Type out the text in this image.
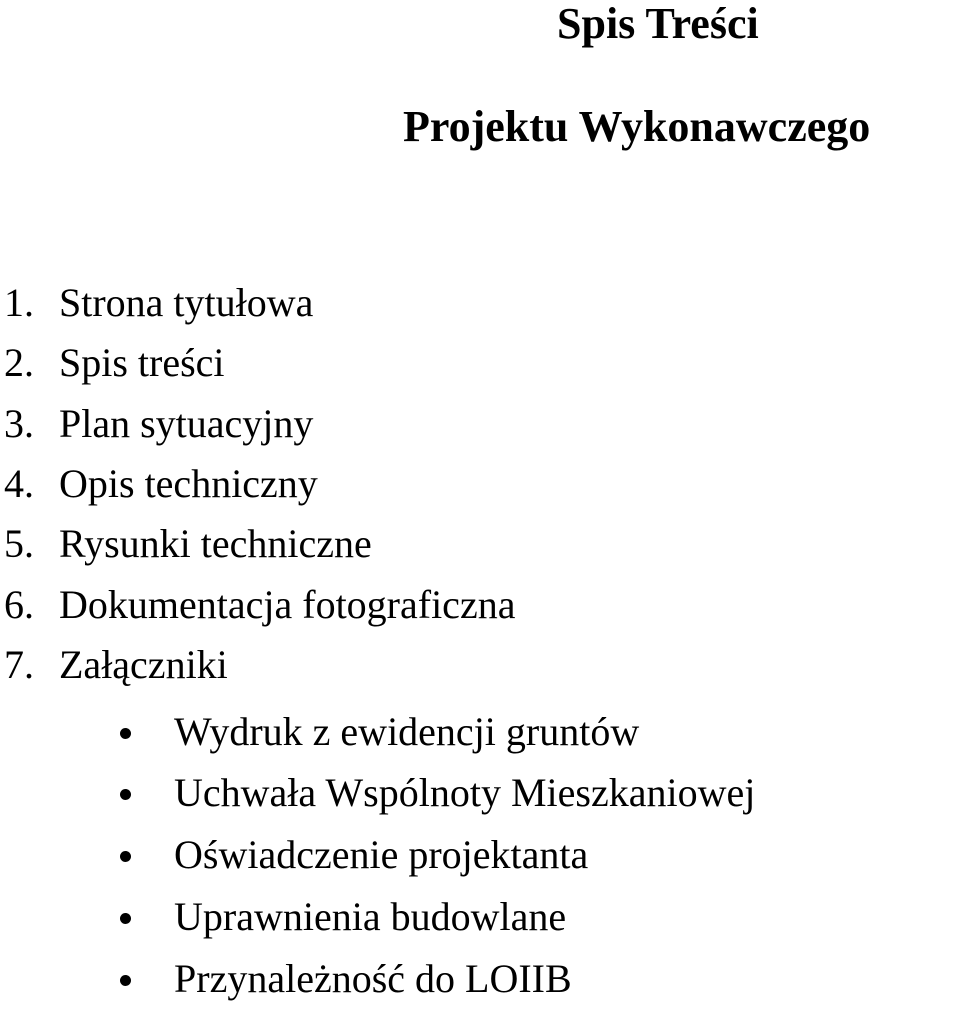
Spis Treści
Projektu Wykonawczego
1. Strona tytułowa
2. Spis treści
3. Plan sytuacyjny
4. Opis techniczny
5. Rysunki techniczne
6. Dokumentacja fotograficzna
7. Załączniki
Wydruk z ewidencji gruntów
Uchwała Wspólnoty Mieszkaniowej
Oświadczenie projektanta
Uprawnienia budowlane
Przynależność do LOIIB
